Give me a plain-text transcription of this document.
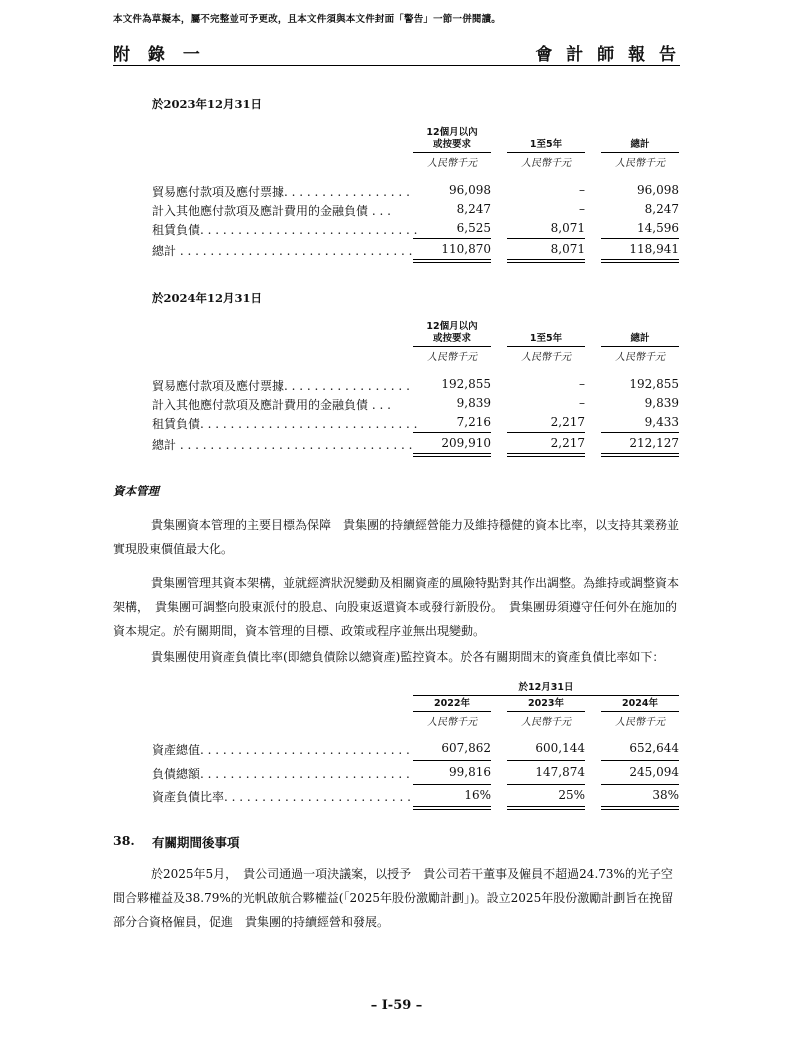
本文件為草擬本，屬不完整並可予更改，且本文件須與本文件封面「警告」一節一併閱讀。
附 錄 一	會 計 師 報 告
於2023年12月31日
12個月以內
或按要求	1至5年	總計
人民幣千元	人民幣千元	人民幣千元
貿易應付款項及應付票據. . . . . . . . . . . . . . . . .	96,098	–	96,098
計入其他應付款項及應計費用的金融負債 . . .	8,247	–	8,247
租賃負債. . . . . . . . . . . . . . . . . . . . . . . . . . . . .	6,525	8,071	14,596
總計 . . . . . . . . . . . . . . . . . . . . . . . . . . . . . . .	110,870	8,071	118,941
於2024年12月31日
12個月以內
或按要求	1至5年	總計
人民幣千元	人民幣千元	人民幣千元
貿易應付款項及應付票據. . . . . . . . . . . . . . . . .	192,855	–	192,855
計入其他應付款項及應計費用的金融負債 . . .	9,839	–	9,839
租賃負債. . . . . . . . . . . . . . . . . . . . . . . . . . . . .	7,216	2,217	9,433
總計 . . . . . . . . . . . . . . . . . . . . . . . . . . . . . . .	209,910	2,217	212,127
資本管理
貴集團資本管理的主要目標為保障　貴集團的持續經營能力及維持穩健的資本比率，以支持其業務並實現股東價值最大化。
貴集團管理其資本架構，並就經濟狀況變動及相關資產的風險特點對其作出調整。為維持或調整資本架構，　貴集團可調整向股東派付的股息、向股東返還資本或發行新股份。　貴集團毋須遵守任何外在施加的資本規定。於有關期間，資本管理的目標、政策或程序並無出現變動。
貴集團使用資產負債比率(即總負債除以總資產)監控資本。於各有關期間末的資產負債比率如下：
於12月31日
2022年	2023年	2024年
人民幣千元	人民幣千元	人民幣千元
資產總值. . . . . . . . . . . . . . . . . . . . . . . . . . . .	607,862	600,144	652,644
負債總額. . . . . . . . . . . . . . . . . . . . . . . . . . . .	99,816	147,874	245,094
資產負債比率. . . . . . . . . . . . . . . . . . . . . . . . .	16%	25%	38%
38. 有關期間後事項
於2025年5月，　貴公司通過一項決議案，以授予　貴公司若干董事及僱員不超過24.73%的光子空間合夥權益及38.79%的光帆啟航合夥權益(「2025年股份激勵計劃」)。設立2025年股份激勵計劃旨在挽留部分合資格僱員，促進　貴集團的持續經營和發展。
– I-59 –
